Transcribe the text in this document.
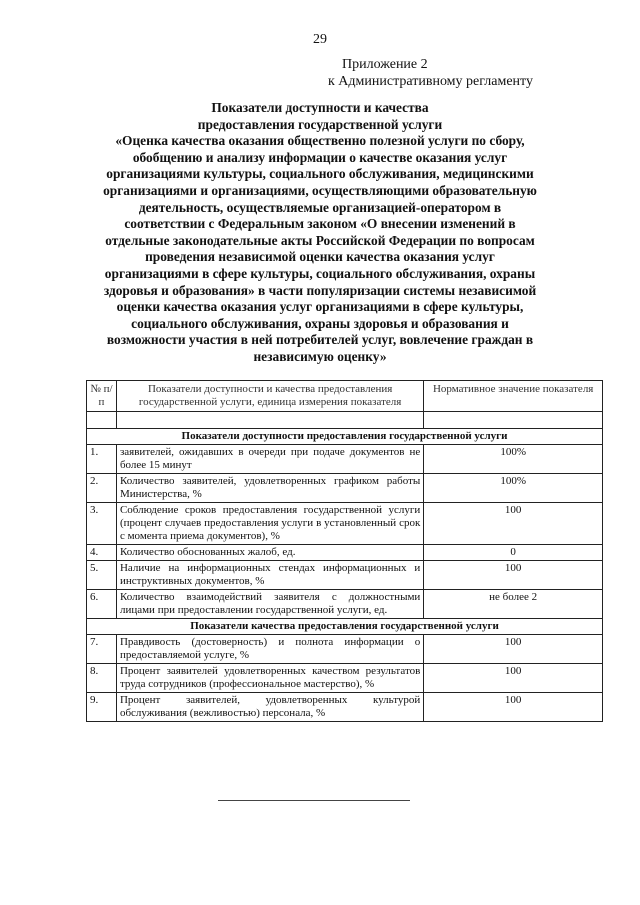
29
Приложение 2
к Административному регламенту
Показатели доступности и качества
предоставления государственной услуги
«Оценка качества оказания общественно полезной услуги по сбору,
обобщению и анализу информации о качестве оказания услуг
организациями культуры, социального обслуживания, медицинскими
организациями и организациями, осуществляющими образовательную
деятельность, осуществляемые организацией-оператором в
соответствии с Федеральным законом «О внесении изменений в
отдельные законодательные акты Российской Федерации по вопросам
проведения независимой оценки качества оказания услуг
организациями в сфере культуры, социального обслуживания, охраны
здоровья и образования» в части популяризации системы независимой
оценки качества оказания услуг организациями в сфере культуры,
социального обслуживания, охраны здоровья и образования и
возможности участия в ней потребителей услуг, вовлечение граждан в
независимую оценку»
№ п/п	Показатели доступности и качества предоставления государственной услуги, единица измерения показателя	Нормативное значение показателя

Показатели доступности предоставления государственной услуги		
1.	заявителей, ожидавших в очереди при подаче документов не более 15 минут	100%
2.	Количество заявителей, удовлетворенных графиком работы Министерства, %	100%
3.	Соблюдение сроков предоставления государственной услуги (процент случаев предоставления услуги в установленный срок с момента приема документов), %	100
4.	Количество обоснованных жалоб, ед.	0
5.	Наличие на информационных стендах информационных и инструктивных документов, %	100
6.	Количество взаимодействий заявителя с должностными лицами при предоставлении государственной услуги, ед.	не более 2
Показатели качества предоставления государственной услуги		
7.	Правдивость (достоверность) и полнота информации о предоставляемой услуге, %	100
8.	Процент заявителей удовлетворенных качеством результатов труда сотрудников (профессиональное мастерство), %	100
9.	Процент заявителей, удовлетворенных культурой обслуживания (вежливостью) персонала, %	100
